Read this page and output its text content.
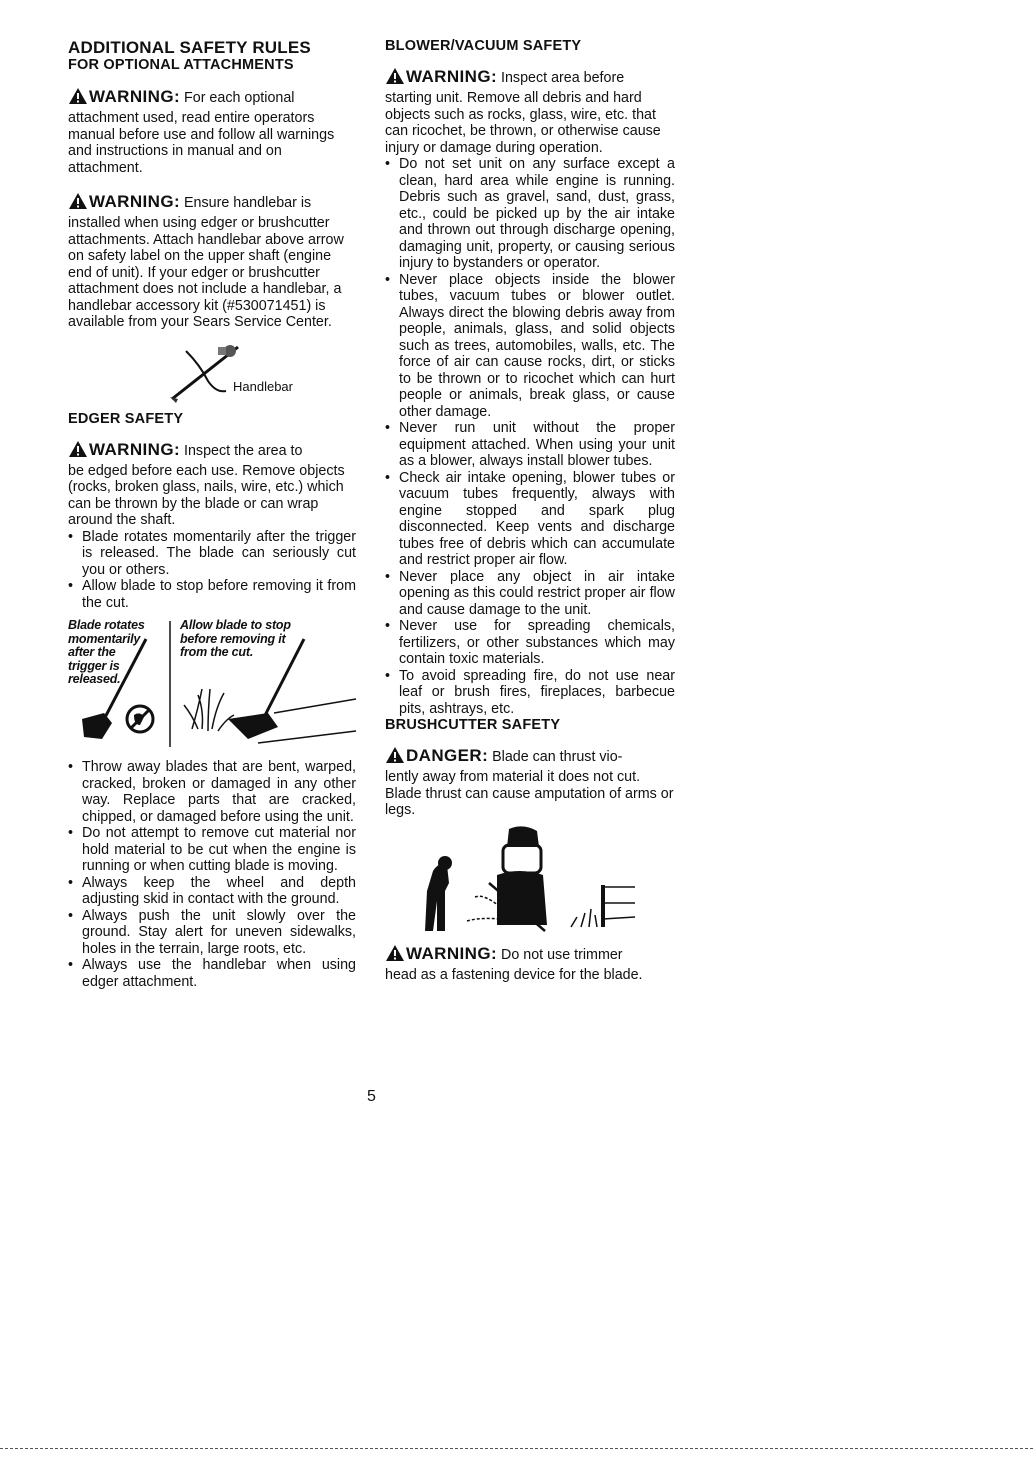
ADDITIONAL SAFETY RULES

FOR OPTIONAL ATTACHMENTS

WARNING: For each optional

attachment used, read entire operators manual before use and follow all warnings and instructions in manual and on attachment.

WARNING: Ensure handlebar is

installed when using edger or brushcutter attachments. Attach handlebar above arrow on safety label on the upper shaft (engine end of unit). If your edger or brushcutter attachment does not include a handlebar, a handlebar accessory kit (#530071451) is available from your Sears Service Center.

Handlebar

EDGER SAFETY

WARNING: Inspect the area to

be edged before each use. Remove objects (rocks, broken glass, nails, wire, etc.) which can be thrown by the blade or can wrap around the shaft.

• Blade rotates momentarily after the trigger is released. The blade can seriously cut you or others.
• Allow blade to stop before removing it from the cut.
Blade rotates momentarily after the trigger is released.
Allow blade to stop before removing it from the cut.
• Throw away blades that are bent, warped, cracked, broken or damaged in any other way. Replace parts that are cracked, chipped, or damaged before using the unit.
• Do not attempt to remove cut material nor hold material to be cut when the engine is running or when cutting blade is moving.
• Always keep the wheel and depth adjusting skid in contact with the ground.
• Always push the unit slowly over the ground. Stay alert for uneven sidewalks, holes in the terrain, large roots, etc.
• Always use the handlebar when using edger attachment.

BLOWER/VACUUM SAFETY

WARNING: Inspect area before

starting unit. Remove all debris and hard objects such as rocks, glass, wire, etc. that can ricochet, be thrown, or otherwise cause injury or damage during operation.

• Do not set unit on any surface except a clean, hard area while engine is running. Debris such as gravel, sand, dust, grass, etc., could be picked up by the air intake and thrown out through discharge opening, damaging unit, property, or causing serious injury to bystanders or operator.
• Never place objects inside the blower tubes, vacuum tubes or blower outlet. Always direct the blowing debris away from people, animals, glass, and solid objects such as trees, automobiles, walls, etc. The force of air can cause rocks, dirt, or sticks to be thrown or to ricochet which can hurt people or animals, break glass, or cause other damage.
• Never run unit without the proper equipment attached. When using your unit as a blower, always install blower tubes.
• Check air intake opening, blower tubes or vacuum tubes frequently, always with engine stopped and spark plug disconnected. Keep vents and discharge tubes free of debris which can accumulate and restrict proper air flow.
• Never place any object in air intake opening as this could restrict proper air flow and cause damage to the unit.
• Never use for spreading chemicals, fertilizers, or other substances which may contain toxic materials.
• To avoid spreading fire, do not use near leaf or brush fires, fireplaces, barbecue pits, ashtrays, etc.

BRUSHCUTTER SAFETY

DANGER: Blade can thrust vio-

lently away from material it does not cut. Blade thrust can cause amputation of arms or legs.

WARNING: Do not use trimmer

head as a fastening device for the blade.

5
